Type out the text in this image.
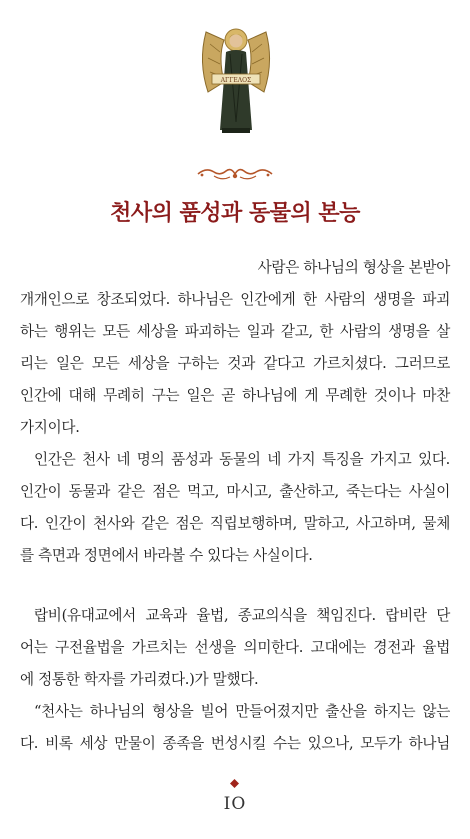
ΑΓΓΕΛΟΣ
천사의 품성과 동물의 본능
사람은 하나님의 형상을 본받아
개개인으로 창조되었다. 하나님은 인간에게 한 사람의 생명을 파괴
하는 행위는 모든 세상을 파괴하는 일과 같고, 한 사람의 생명을 살
리는 일은 모든 세상을 구하는 것과 같다고 가르치셨다. 그러므로
인간에 대해 무례히 구는 일은 곧 하나님에 게 무례한 것이나 마찬
가지이다.
인간은 천사 네 명의 품성과 동물의 네 가지 특징을 가지고 있다.
인간이 동물과 같은 점은 먹고, 마시고, 출산하고, 죽는다는 사실이
다. 인간이 천사와 같은 점은 직립보행하며, 말하고, 사고하며, 물체
를 측면과 정면에서 바라볼 수 있다는 사실이다.
랍비(유대교에서 교육과 율법, 종교의식을 책임진다. 랍비란 단
어는 구전율법을 가르치는 선생을 의미한다. 고대에는 경전과 율법
에 정통한 학자를 가리켰다.)가 말했다.
“천사는 하나님의 형상을 빌어 만들어졌지만 출산을 하지는 않는
다. 비록 세상 만물이 종족을 번성시킬 수는 있으나, 모두가 하나님
IO
